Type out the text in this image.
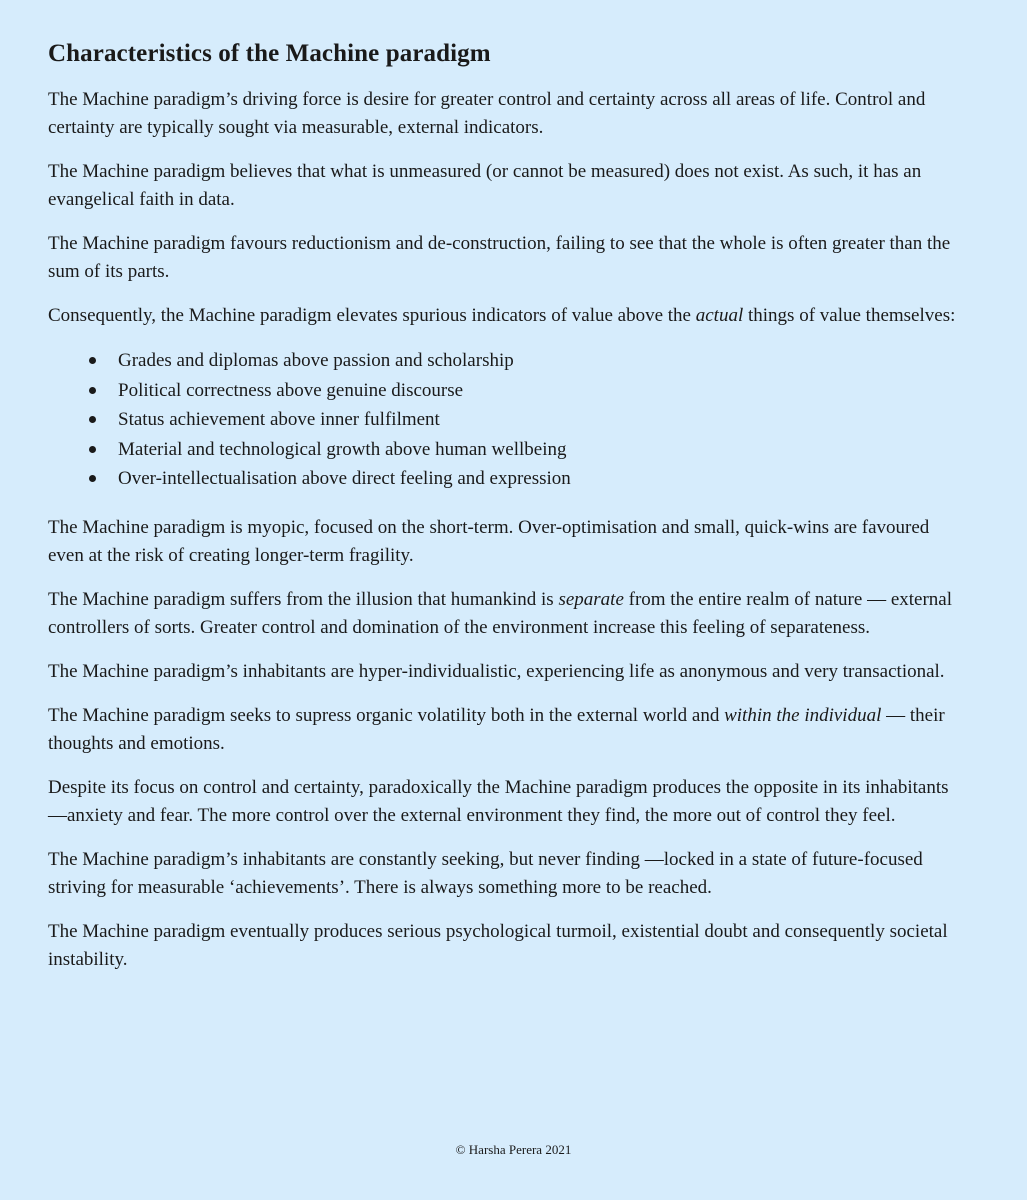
Characteristics of the Machine paradigm

The Machine paradigm’s driving force is desire for greater control and certainty across all areas of life. Control and certainty are typically sought via measurable, external indicators.

The Machine paradigm believes that what is unmeasured (or cannot be measured) does not exist. As such, it has an evangelical faith in data.

The Machine paradigm favours reductionism and de-construction, failing to see that the whole is often greater than the sum of its parts.

Consequently, the Machine paradigm elevates spurious indicators of value above the actual things of value themselves:

Grades and diplomas above passion and scholarship
Political correctness above genuine discourse
Status achievement above inner fulfilment
Material and technological growth above human wellbeing
Over-intellectualisation above direct feeling and expression

The Machine paradigm is myopic, focused on the short-term. Over-optimisation and small, quick-wins are favoured even at the risk of creating longer-term fragility.

The Machine paradigm suffers from the illusion that humankind is separate from the entire realm of nature — external controllers of sorts. Greater control and domination of the environment increase this feeling of separateness.

The Machine paradigm’s inhabitants are hyper-individualistic, experiencing life as anonymous and very transactional.

The Machine paradigm seeks to supress organic volatility both in the external world and within the individual — their thoughts and emotions.

Despite its focus on control and certainty, paradoxically the Machine paradigm produces the opposite in its inhabitants —anxiety and fear. The more control over the external environment they find, the more out of control they feel.

The Machine paradigm’s inhabitants are constantly seeking, but never finding —locked in a state of future-focused striving for measurable ‘achievements’. There is always something more to be reached.

The Machine paradigm eventually produces serious psychological turmoil, existential doubt and consequently societal instability.

© Harsha Perera 2021
